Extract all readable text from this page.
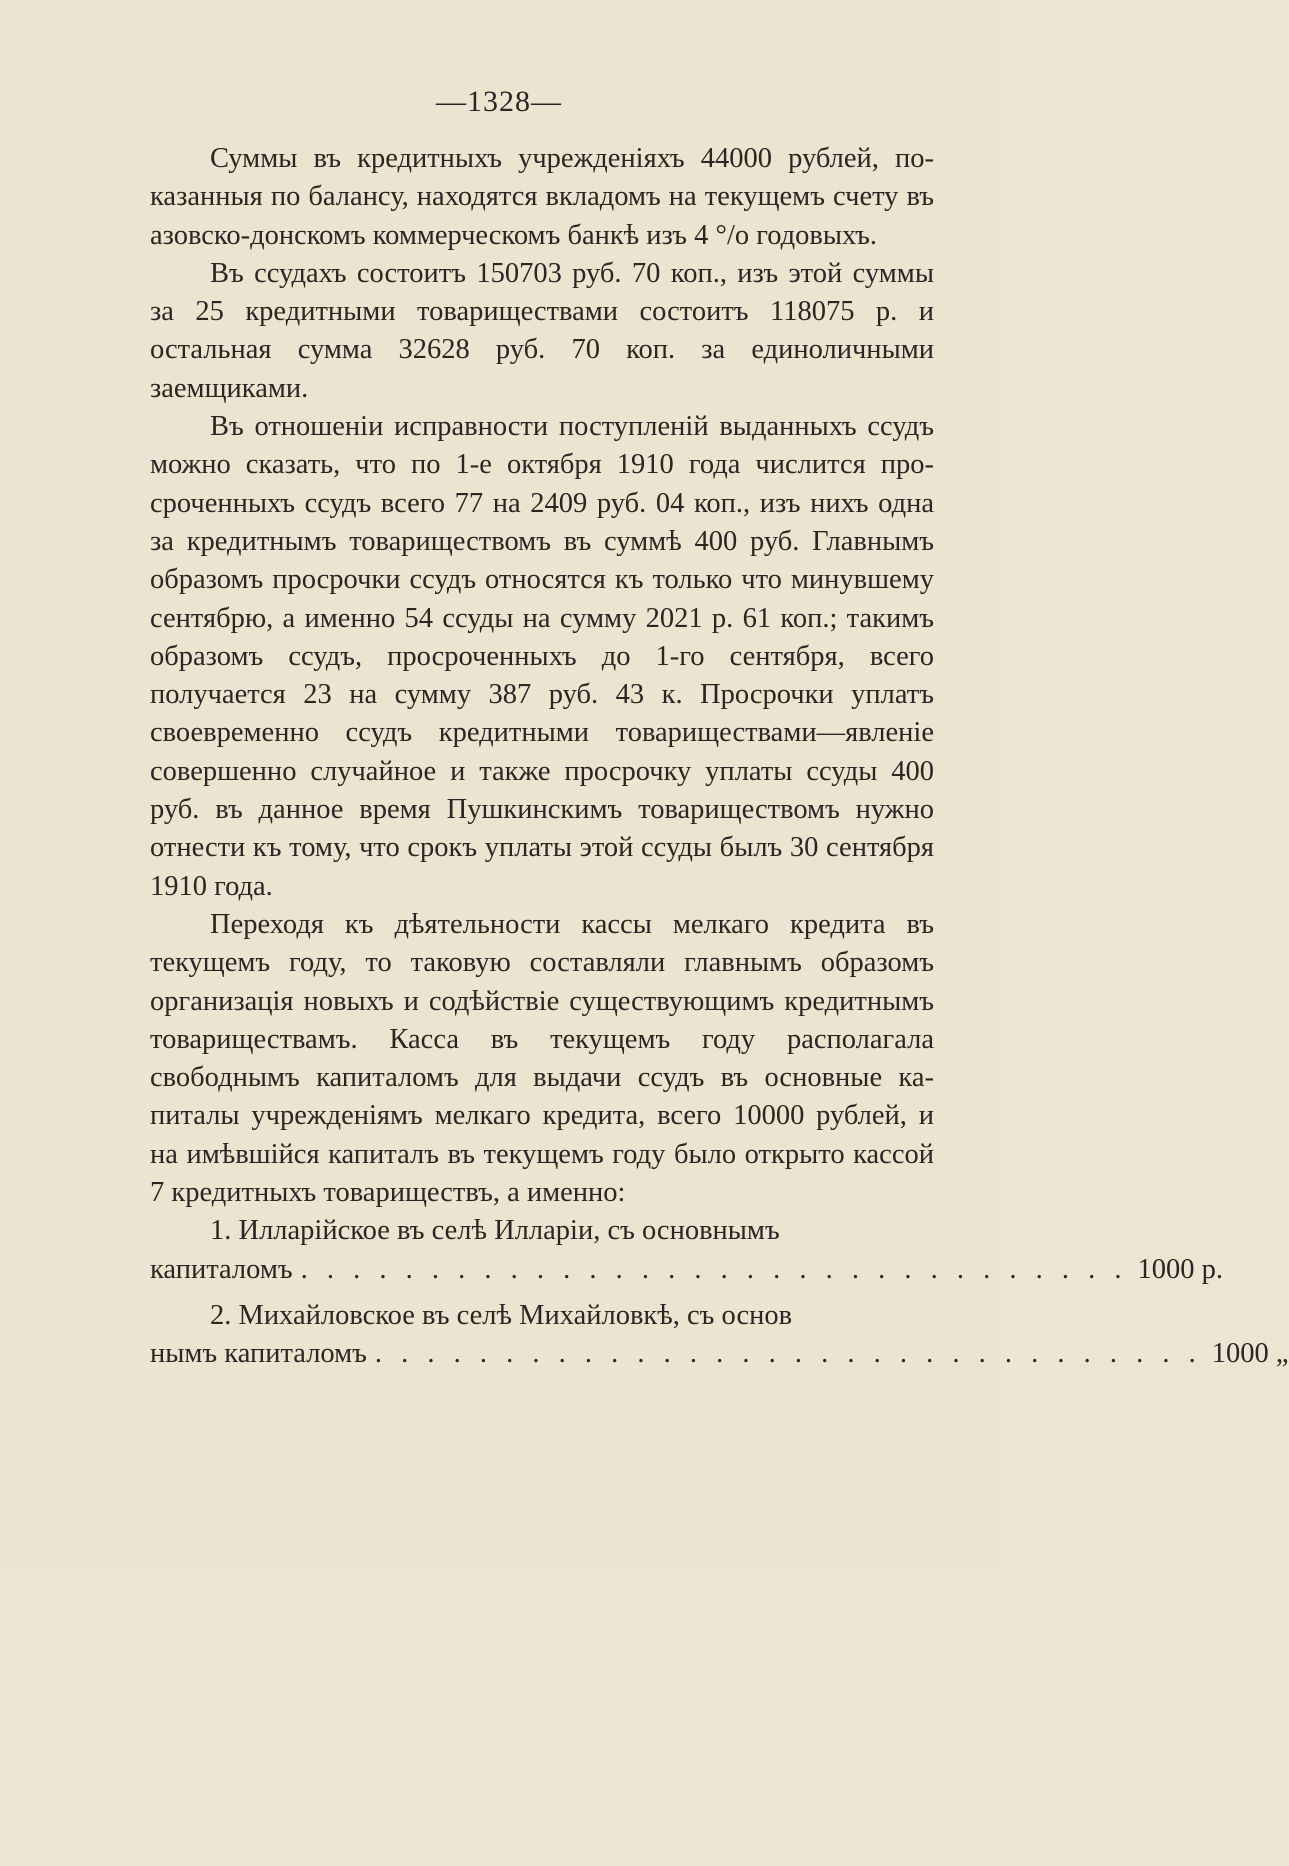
—1328—

Суммы въ кредитныхъ учрежденіяхъ 44000 рублей, показанныя по балансу, находятся вкладомъ на текущемъ счету въ азовско-донскомъ коммерческомъ банкѣ изъ 4 °/о годовыхъ.

Въ ссудахъ состоитъ 150703 руб. 70 коп., изъ этой суммы за 25 кредитными товариществами состоитъ 118075 р. и остальная сумма 32628 руб. 70 коп. за единоличными заемщиками.

Въ отношеніи исправности поступленій выданныхъ ссудъ можно сказать, что по 1-е октября 1910 года числится просроченныхъ ссудъ всего 77 на 2409 руб. 04 коп., изъ нихъ одна за кредитнымъ товариществомъ въ суммѣ 400 руб. Главнымъ образомъ просрочки ссудъ относятся къ только что минувшему сентябрю, а именно 54 ссуды на сумму 2021 р. 61 коп.; такимъ образомъ ссудъ, просроченныхъ до 1-го сентября, всего получается 23 на сумму 387 руб. 43 к. Просрочки уплатъ своевременно ссудъ кредитными товариществами—явленіе совершенно случайное и также просрочку уплаты ссуды 400 руб. въ данное время Пушкинскимъ товариществомъ нужно отнести къ тому, что срокъ уплаты этой ссуды былъ 30 сентября 1910 года.

Переходя къ дѣятельности кассы мелкаго кредита въ текущемъ году, то таковую составляли главнымъ образомъ организація новыхъ и содѣйствіе существующимъ кредитнымъ товариществамъ. Касса въ текущемъ году располагала свободнымъ капиталомъ для выдачи ссудъ въ основные капиталы учрежденіямъ мелкаго кредита, всего 10000 рублей, и на имѣвшійся капиталъ въ текущемъ году было открыто кассой 7 кредитныхъ товариществъ, а именно:

1. Илларійское въ селѣ Илларіи, съ основнымъ
капиталомъ . . . . . . . . . . . . . . . . . . . . . . . . . . . . . . . . 1000 р.
2. Михайловское въ селѣ Михайловкѣ, съ основ
нымъ капиталомъ . . . . . . . . . . . . . . . . . . . . . . . . . . . . . . . . 1000 „
